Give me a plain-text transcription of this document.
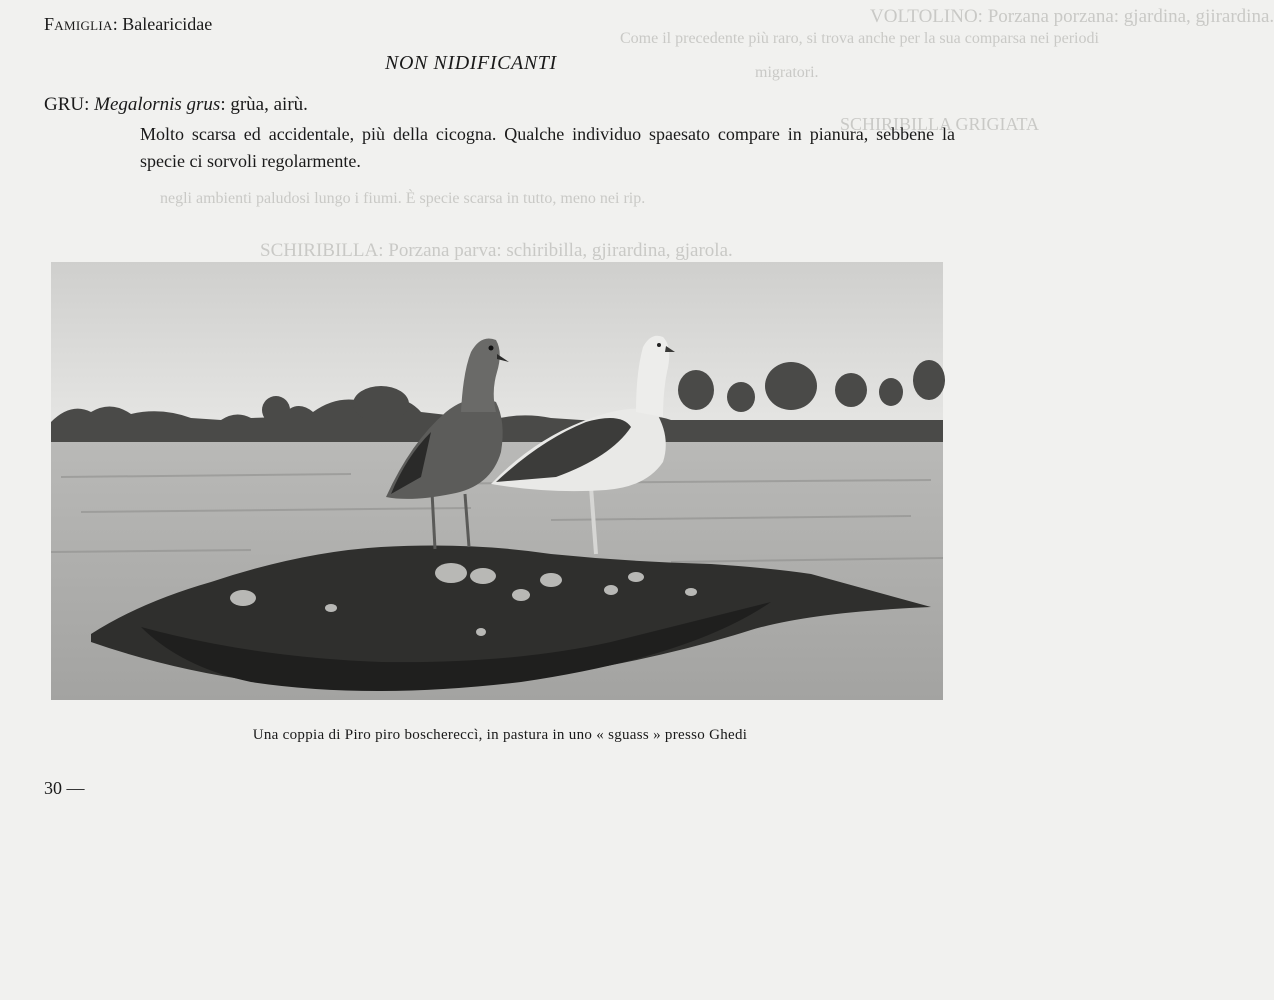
VOLTOLINO: Porzana porzana: gjardina, gjirardina.
Come il precedente più raro, si trova anche per la sua comparsa nei periodi
migratori.
SCHIRIBILLA GRIGIATA
negli ambienti paludosi lungo i fiumi. È specie scarsa in tutto, meno nei rip.
SCHIRIBILLA: Porzana parva: schiribilla, gjirardina, gjarola.
Famiglia: Balearicidae
NON NIDIFICANTI
GRU: Megalornis grus: grùa, airù.
Molto scarsa ed accidentale, più della cicogna. Qualche individuo spaesato compare in pianura, sebbene la specie ci sorvoli regolarmente.
Una coppia di Piro piro boschereccì, in pastura in uno « sguass » presso Ghedi
30 —
